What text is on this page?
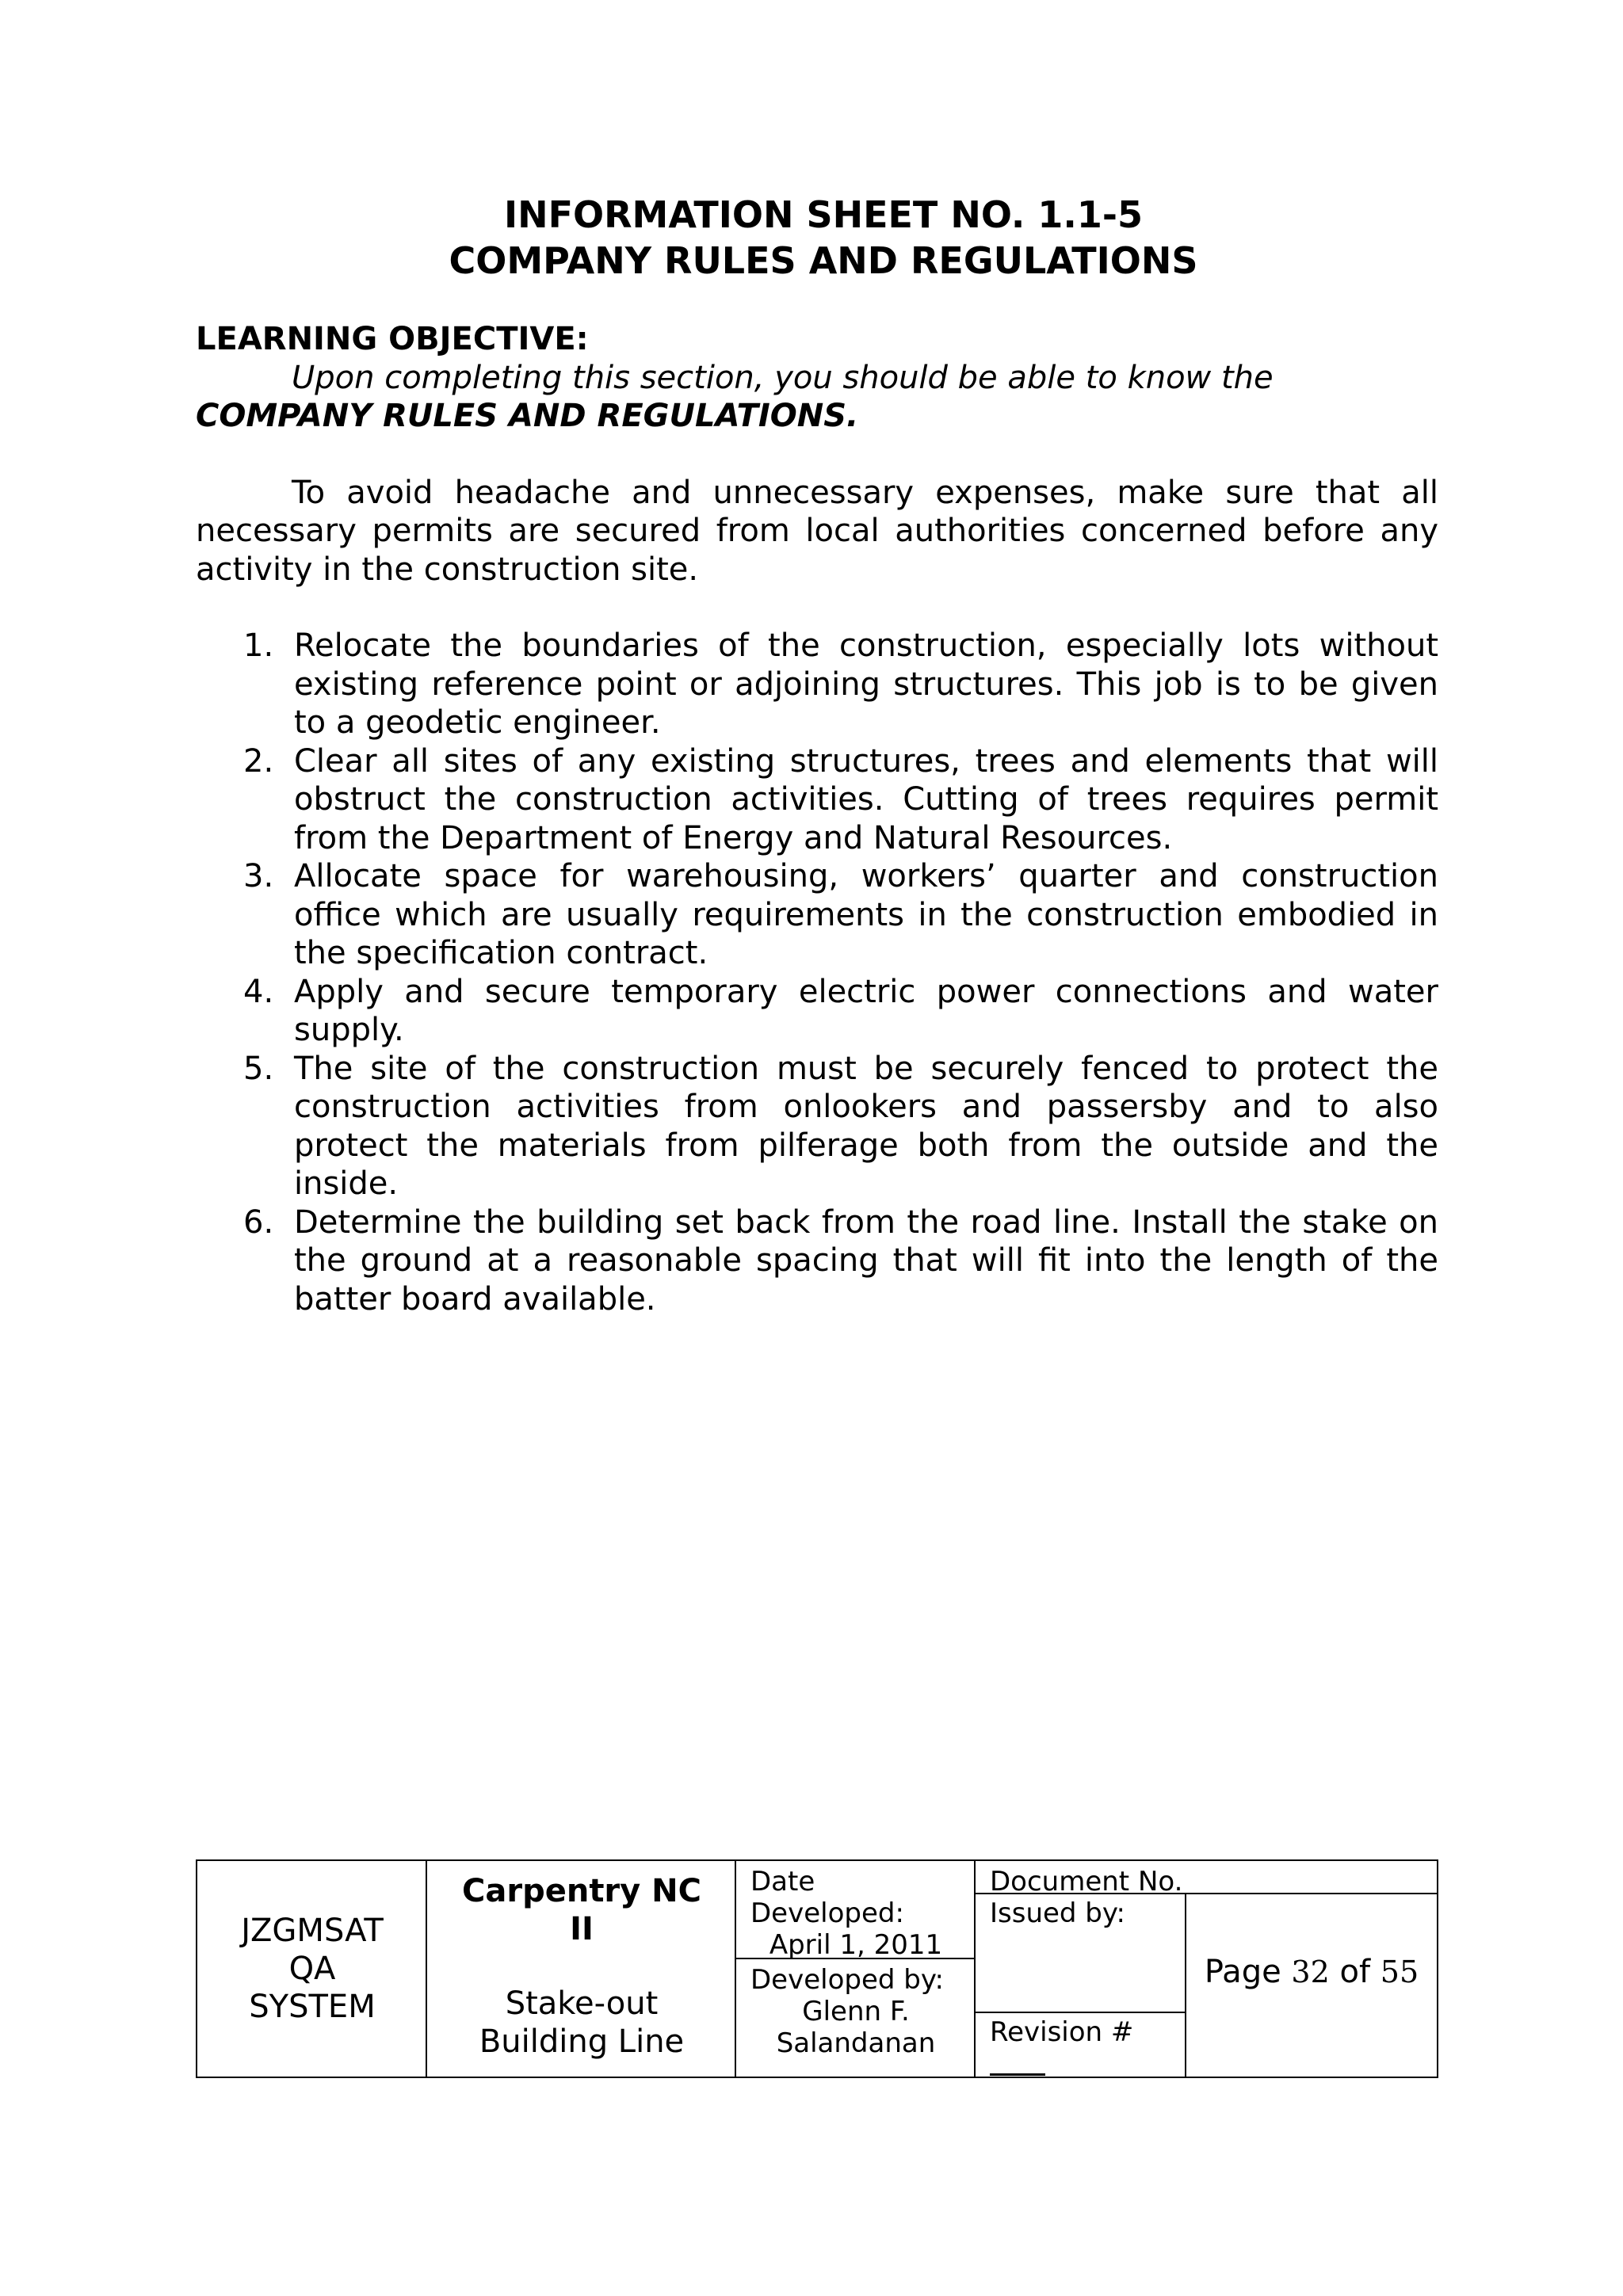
INFORMATION SHEET NO. 1.1-5
COMPANY RULES AND REGULATIONS
LEARNING OBJECTIVE:
Upon completing this section, you should be able to know the
COMPANY RULES AND REGULATIONS.

To avoid headache and unnecessary expenses, make sure that all necessary permits are secured from local authorities concerned before any activity in the construction site.

1. Relocate the boundaries of the construction, especially lots without existing reference point or adjoining structures. This job is to be given to a geodetic engineer.
2. Clear all sites of any existing structures, trees and elements that will obstruct the construction activities. Cutting of trees requires permit from the Department of Energy and Natural Resources.
3. Allocate space for warehousing, workers’ quarter and construction office which are usually requirements in the construction embodied in the specification contract.
4. Apply and secure temporary electric power connections and water supply.
5. The site of the construction must be securely fenced to protect the construction activities from onlookers and passersby and to also protect the materials from pilferage both from the outside and the inside.
6. Determine the building set back from the road line. Install the stake on the ground at a reasonable spacing that will fit into the length of the batter board available.
JZGMSAT
QA
SYSTEM
Carpentry NC
II
Stake-out
Building Line
Date
Developed:
April 1, 2011
Developed by:
Glenn F.
Salandanan
Document No.
Issued by:
Revision #
Page 32 of 55
